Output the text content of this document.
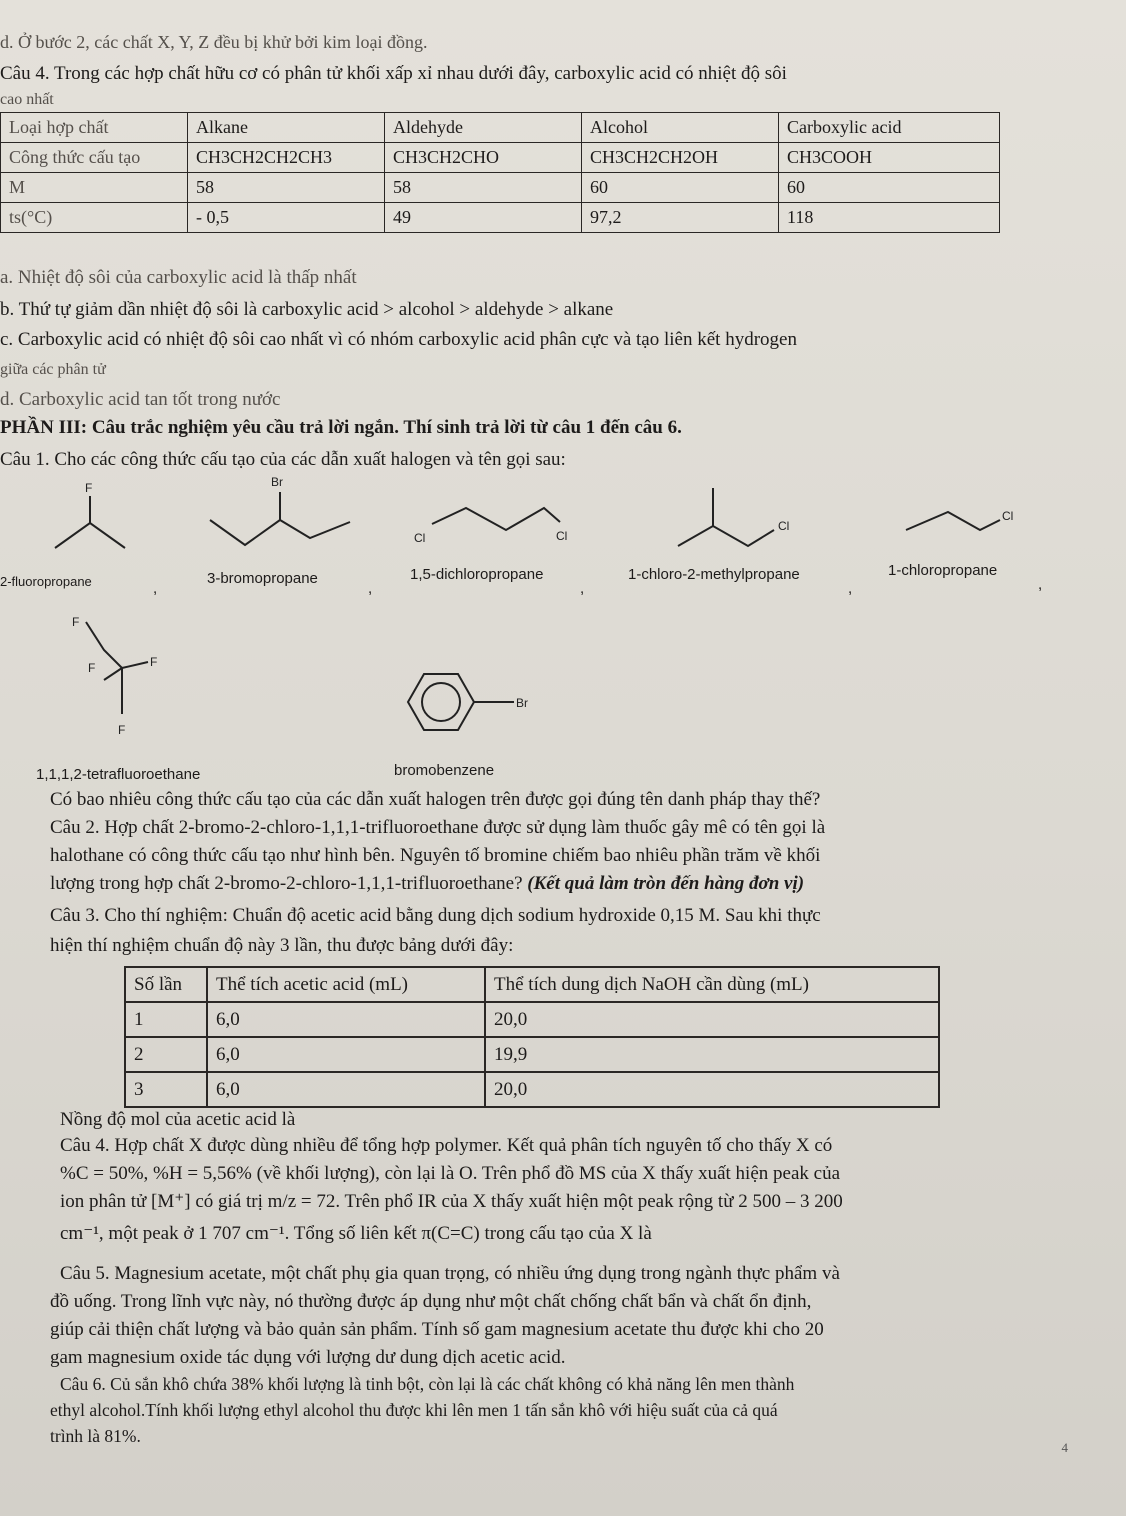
d. Ở bước 2, các chất X, Y, Z đều bị khử bởi kim loại đồng.
Câu 4. Trong các hợp chất hữu cơ có phân tử khối xấp xỉ nhau dưới đây, carboxylic acid có nhiệt độ sôi
cao nhất
Loại hợp chất	Alkane	Aldehyde	Alcohol	Carboxylic acid
Công thức cấu tạo	CH3CH2CH2CH3	CH3CH2CHO	CH3CH2CH2OH	CH3COOH
M	58	58	60	60
ts(°C)	- 0,5	49	97,2	118
a. Nhiệt độ sôi của carboxylic acid là thấp nhất
b. Thứ tự giảm dần nhiệt độ sôi là carboxylic acid > alcohol > aldehyde > alkane
c. Carboxylic acid có nhiệt độ sôi cao nhất vì có nhóm carboxylic acid phân cực và tạo liên kết hydrogen
giữa các phân tử
d. Carboxylic acid tan tốt trong nước
PHẦN III: Câu trắc nghiệm yêu cầu trả lời ngắn. Thí sinh trả lời từ câu 1 đến câu 6.
Câu 1. Cho các công thức cấu tạo của các dẫn xuất halogen và tên gọi sau:
F
2-fluoropropane	,
Br
3-bromopropane
,
Cl	Cl
1,5-dichloropropane
,
Cl
1-chloro-2-methylpropane
,
Cl
1-chloropropane
,
F
F
F
F
1,1,1,2-tetrafluoroethane
Br
bromobenzene
Có bao nhiêu công thức cấu tạo của các dẫn xuất halogen trên được gọi đúng tên danh pháp thay thế?
Câu 2. Hợp chất 2-bromo-2-chloro-1,1,1-trifluoroethane được sử dụng làm thuốc gây mê có tên gọi là
halothane có công thức cấu tạo như hình bên. Nguyên tố bromine chiếm bao nhiêu phần trăm về khối
lượng trong hợp chất 2-bromo-2-chloro-1,1,1-trifluoroethane? (Kết quả làm tròn đến hàng đơn vị)
Câu 3. Cho thí nghiệm: Chuẩn độ acetic acid bằng dung dịch sodium hydroxide 0,15 M. Sau khi thực
hiện thí nghiệm chuẩn độ này 3 lần, thu được bảng dưới đây:
Số lần	Thể tích acetic acid (mL)	Thể tích dung dịch NaOH cần dùng (mL)
1	6,0	20,0
2	6,0	19,9
3	6,0	20,0
Nồng độ mol của acetic acid là
Câu 4. Hợp chất X được dùng nhiều để tổng hợp polymer. Kết quả phân tích nguyên tố cho thấy X có
%C = 50%, %H = 5,56% (về khối lượng), còn lại là O. Trên phổ đồ MS của X thấy xuất hiện peak của
ion phân tử [M⁺] có giá trị m/z = 72. Trên phổ IR của X thấy xuất hiện một peak rộng từ 2 500 – 3 200
cm⁻¹, một peak ở 1 707 cm⁻¹. Tổng số liên kết π(C=C) trong cấu tạo của X là
Câu 5. Magnesium acetate, một chất phụ gia quan trọng, có nhiều ứng dụng trong ngành thực phẩm và
đồ uống. Trong lĩnh vực này, nó thường được áp dụng như một chất chống chất bẩn và chất ổn định,
giúp cải thiện chất lượng và bảo quản sản phẩm. Tính số gam magnesium acetate thu được khi cho 20
gam magnesium oxide tác dụng với lượng dư dung dịch acetic acid.
Câu 6. Củ sắn khô chứa 38% khối lượng là tinh bột, còn lại là các chất không có khả năng lên men thành
ethyl alcohol.Tính khối lượng ethyl alcohol thu được khi lên men 1 tấn sắn khô với hiệu suất của cả quá
trình là 81%.
4
